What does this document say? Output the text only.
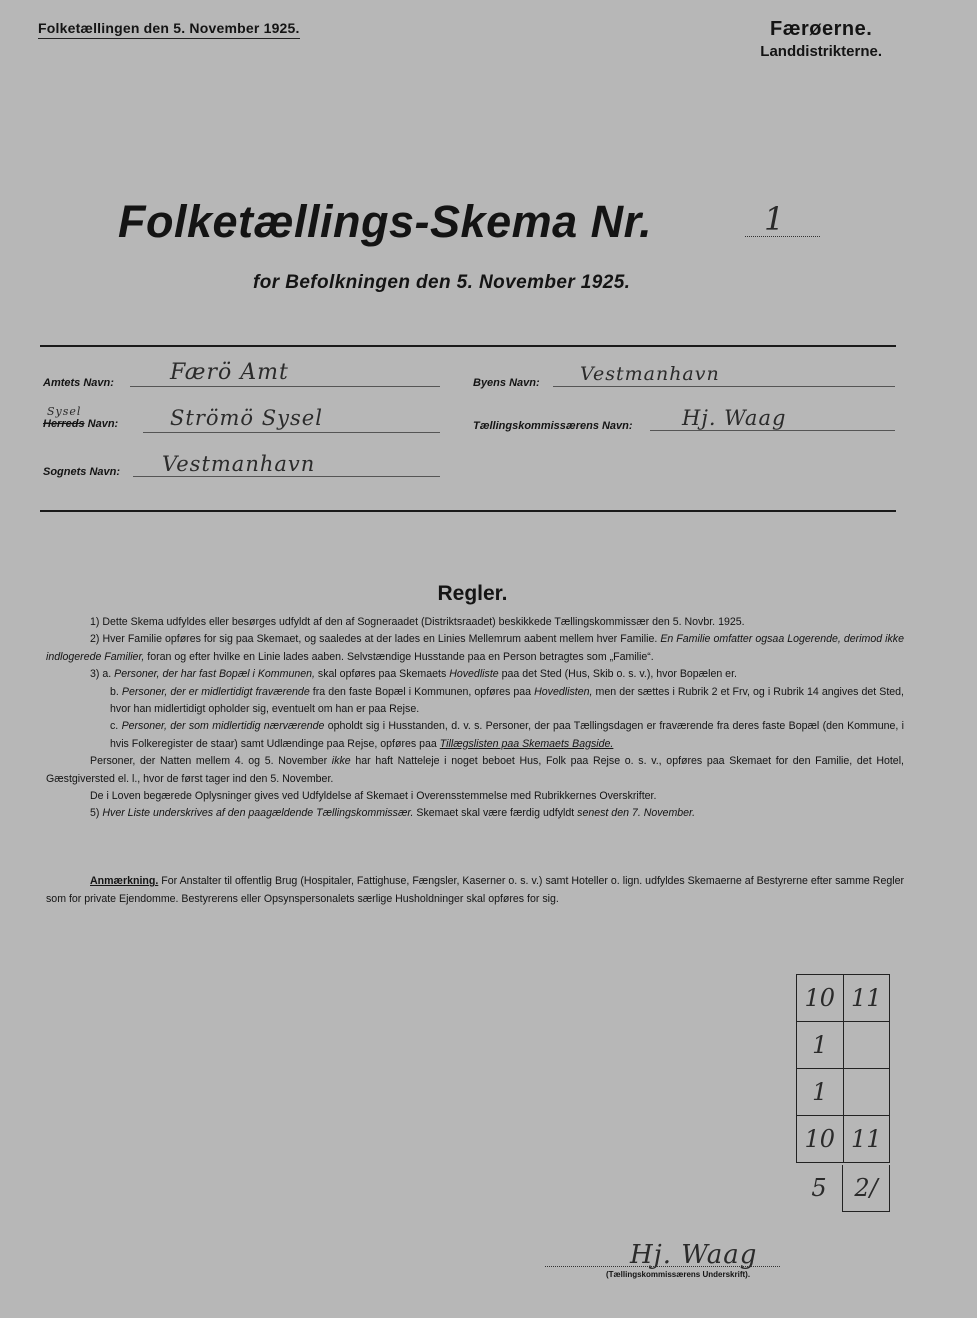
Folketællingen den 5. November 1925.	Færøerne.
Landdistrikterne.
Folketællings-Skema Nr.	1
for Befolkningen den 5. November 1925.
Amtets Navn:	Færö Amt
Sysel
Herreds Navn:	Strömö Sysel
Sognets Navn: Vestmanhavn
Byens Navn: Vestmanhavn
Tællingskommissærens Navn: Hj. Waag
Regler.

1) Dette Skema udfyldes eller besørges udfyldt af den af Sogneraadet (Distriktsraadet) beskikkede Tællingskommissær den 5. Novbr. 1925.

2) Hver Familie opføres for sig paa Skemaet, og saaledes at der lades en Linies Mellemrum aabent mellem hver Familie. En Familie omfatter ogsaa Logerende, derimod ikke indlogerede Familier, foran og efter hvilke en Linie lades aaben. Selvstændige Husstande paa en Person betragtes som „Familie“.

3) a. Personer, der har fast Bopæl i Kommunen, skal opføres paa Skemaets Hovedliste paa det Sted (Hus, Skib o. s. v.), hvor Bopælen er.

b. Personer, der er midlertidigt fraværende fra den faste Bopæl i Kommunen, opføres paa Hovedlisten, men der sættes i Rubrik 2 et Frv, og i Rubrik 14 angives det Sted, hvor han midlertidigt opholder sig, eventuelt om han er paa Rejse.

c. Personer, der som midlertidig nærværende opholdt sig i Husstanden, d. v. s. Personer, der paa Tællingsdagen er fraværende fra deres faste Bopæl (den Kommune, i hvis Folkeregister de staar) samt Udlændinge paa Rejse, opføres paa Tillægslisten paa Skemaets Bagside.

Personer, der Natten mellem 4. og 5. November ikke har haft Natteleje i noget beboet Hus, Folk paa Rejse o. s. v., opføres paa Skemaet for den Familie, det Hotel, Gæstgiversted el. l., hvor de først tager ind den 5. November.

De i Loven begærede Oplysninger gives ved Udfyldelse af Skemaet i Overensstemmelse med Rubrikkernes Overskrifter.

5) Hver Liste underskrives af den paagældende Tællingskommissær. Skemaet skal være færdig udfyldt senest den 7. November.

Anmærkning. For Anstalter til offentlig Brug (Hospitaler, Fattighuse, Fængsler, Kaserner o. s. v.) samt Hoteller o. lign. udfyldes Skemaerne af Bestyrerne efter samme Regler som for private Ejendomme. Bestyrerens eller Opsynspersonalets særlige Husholdninger skal opføres for sig.

10	11
1	
1	
10	11
5	2/
Hj. Waag
(Tællingskommissærens Underskrift).
